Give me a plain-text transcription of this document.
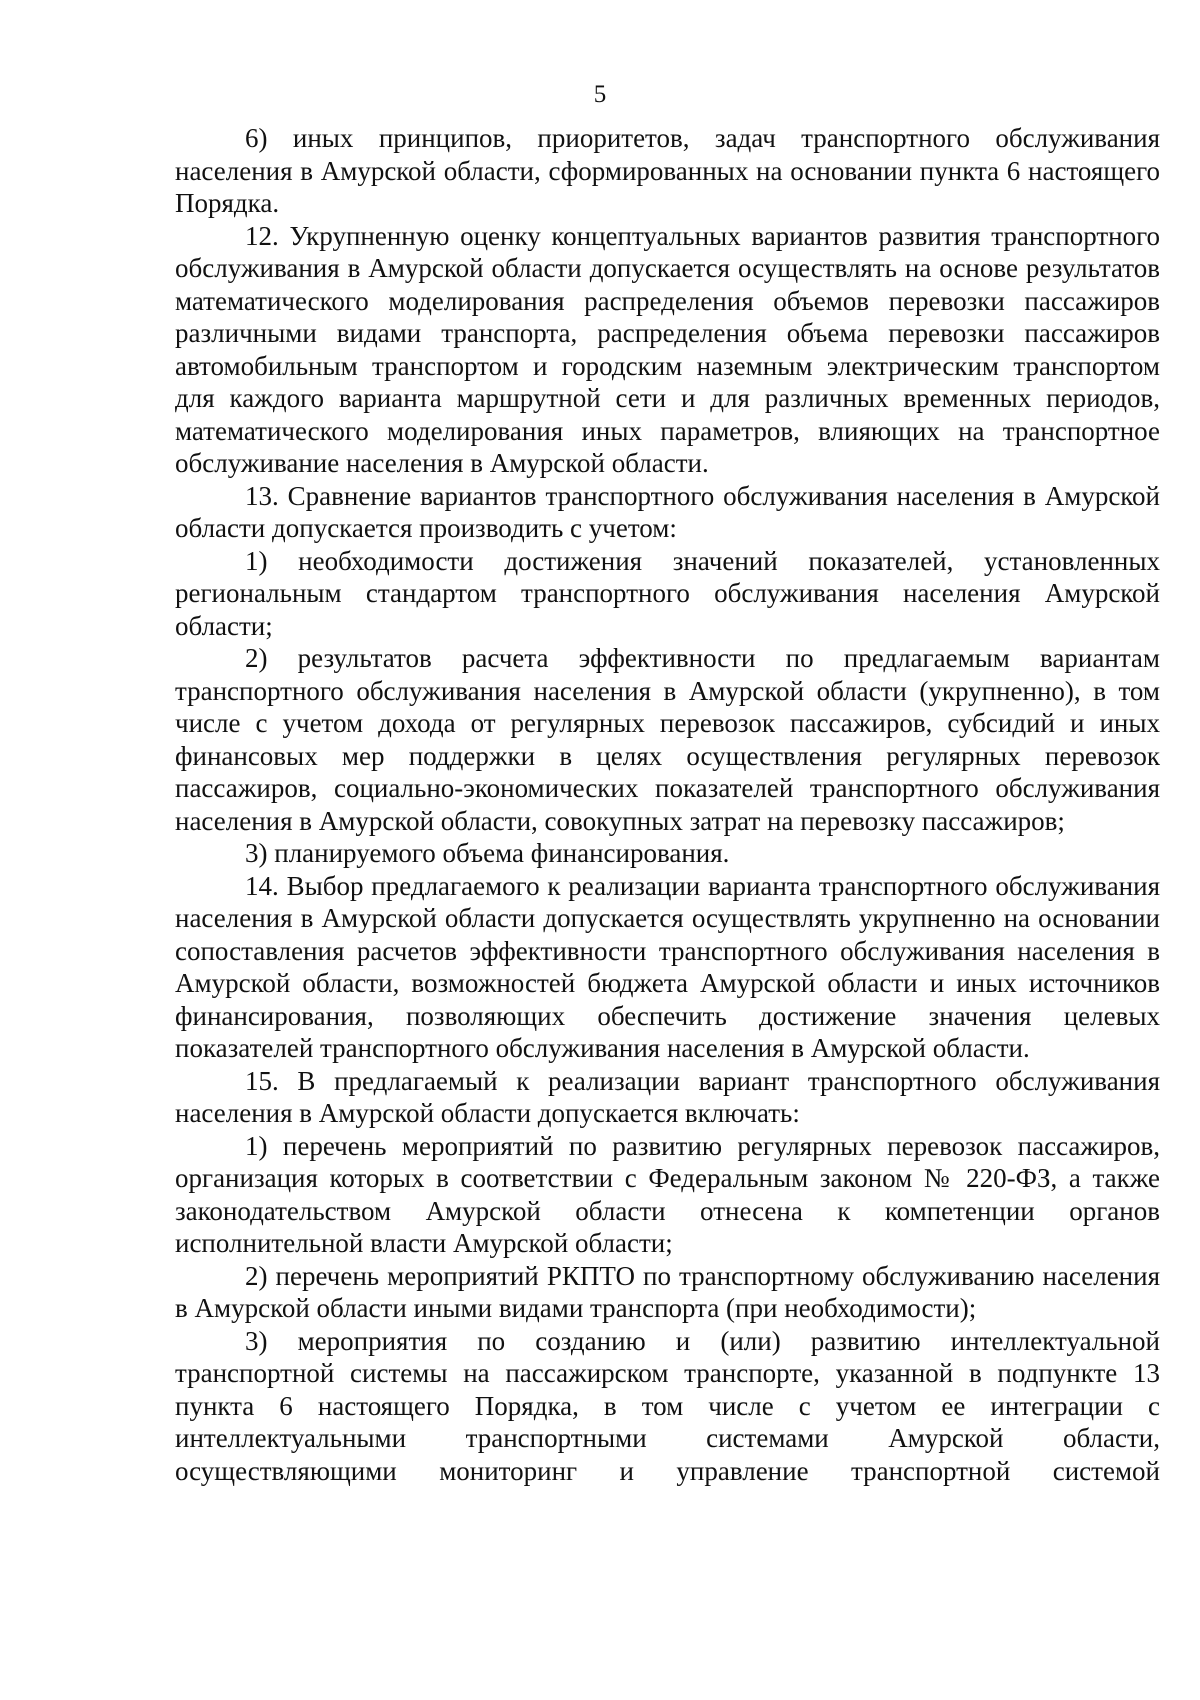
5

6) иных принципов, приоритетов, задач транспортного обслуживания населения в Амурской области, сформированных на основании пункта 6 настоящего Порядка.

12. Укрупненную оценку концептуальных вариантов развития транспортного обслуживания в Амурской области допускается осуществлять на основе результатов математического моделирования распределения объемов перевозки пассажиров различными видами транспорта, распределения объема перевозки пассажиров автомобильным транспортом и городским наземным электрическим транспортом для каждого варианта маршрутной сети и для различных временных периодов, математического моделирования иных параметров, влияющих на транспортное обслуживание населения в Амурской области.

13. Сравнение вариантов транспортного обслуживания населения в Амурской области допускается производить с учетом:

1) необходимости достижения значений показателей, установленных региональным стандартом транспортного обслуживания населения Амурской области;

2) результатов расчета эффективности по предлагаемым вариантам транспортного обслуживания населения в Амурской области (укрупненно), в том числе с учетом дохода от регулярных перевозок пассажиров, субсидий и иных финансовых мер поддержки в целях осуществления регулярных перевозок пассажиров, социально-экономических показателей транспортного обслуживания населения в Амурской области, совокупных затрат на перевозку пассажиров;

3) планируемого объема финансирования.

14. Выбор предлагаемого к реализации варианта транспортного обслуживания населения в Амурской области допускается осуществлять укрупненно на основании сопоставления расчетов эффективности транспортного обслуживания населения в Амурской области, возможностей бюджета Амурской области и иных источников финансирования, позволяющих обеспечить достижение значения целевых показателей транспортного обслуживания населения в Амурской области.

15. В предлагаемый к реализации вариант транспортного обслуживания населения в Амурской области допускается включать:

1) перечень мероприятий по развитию регулярных перевозок пассажиров, организация которых в соответствии с Федеральным законом № 220-ФЗ, а также законодательством Амурской области отнесена к компетенции органов исполнительной власти Амурской области;

2) перечень мероприятий РКПТО по транспортному обслуживанию населения в Амурской области иными видами транспорта (при необходимости);

3) мероприятия по созданию и (или) развитию интеллектуальной транспортной системы на пассажирском транспорте, указанной в подпункте 13 пункта 6 настоящего Порядка, в том числе с учетом ее интеграции с интеллектуальными транспортными системами Амурской области, осуществляющими мониторинг и управление транспортной системой
